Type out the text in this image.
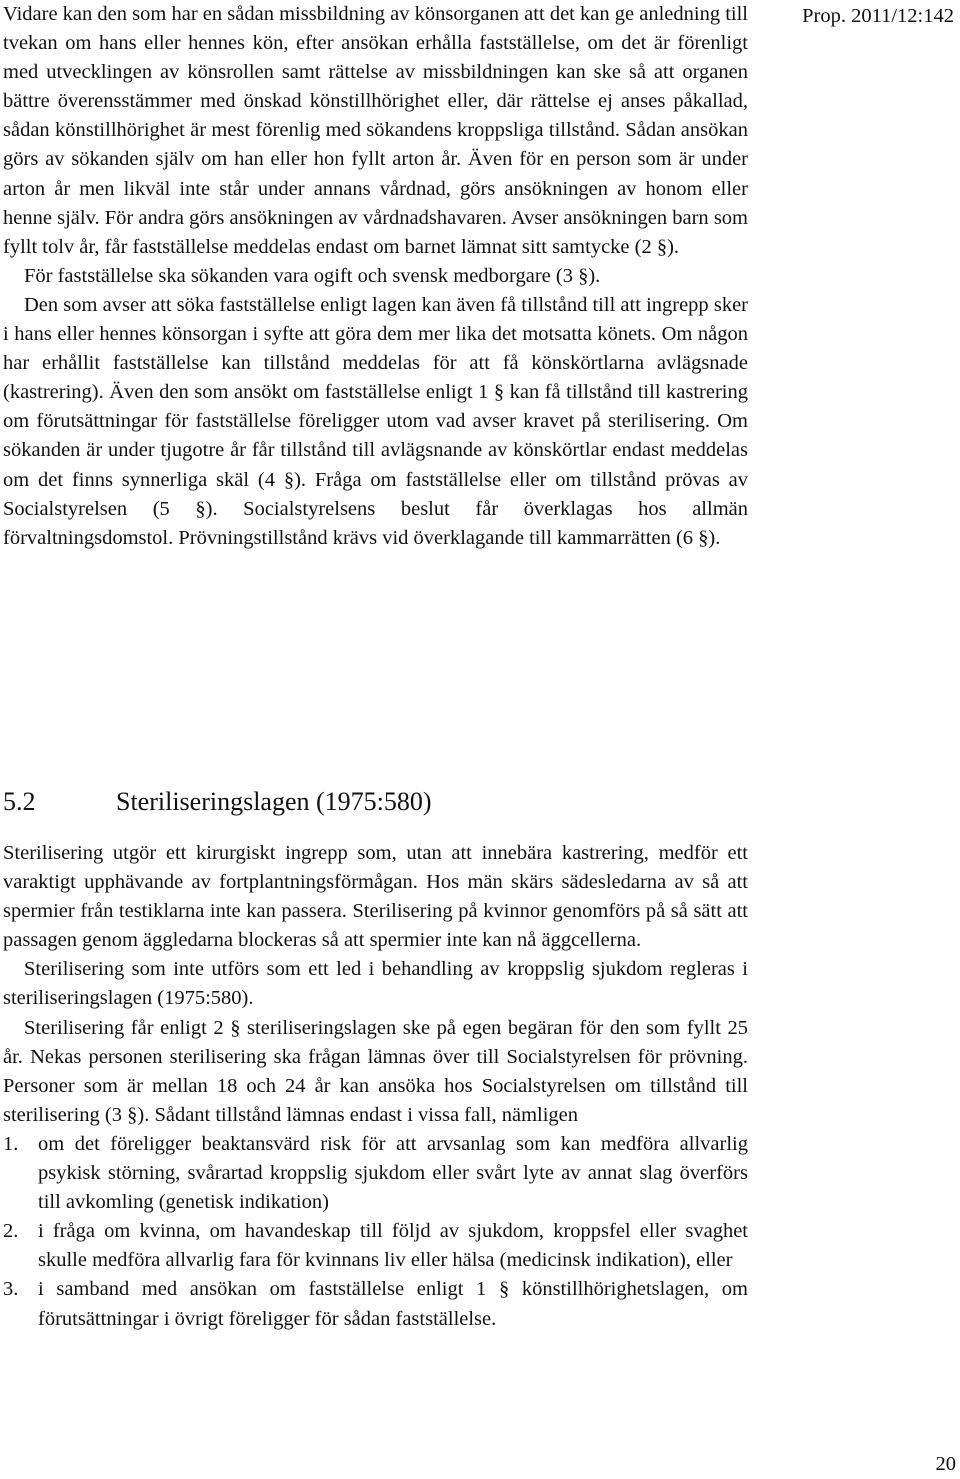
Prop. 2011/12:142

Vidare kan den som har en sådan missbildning av könsorganen att det kan ge anledning till tvekan om hans eller hennes kön, efter ansökan erhålla fastställelse, om det är förenligt med utvecklingen av könsrollen samt rättelse av missbildningen kan ske så att organen bättre överensstämmer med önskad könstillhörighet eller, där rättelse ej anses påkallad, sådan könstillhörighet är mest förenlig med sökandens kroppsliga tillstånd. Sådan ansökan görs av sökanden själv om han eller hon fyllt arton år. Även för en person som är under arton år men likväl inte står under annans vårdnad, görs ansökningen av honom eller henne själv. För andra görs ansökningen av vårdnadshavaren. Avser ansökningen barn som fyllt tolv år, får fastställelse meddelas endast om barnet lämnat sitt samtycke (2 §).

För fastställelse ska sökanden vara ogift och svensk medborgare (3 §).

Den som avser att söka fastställelse enligt lagen kan även få tillstånd till att ingrepp sker i hans eller hennes könsorgan i syfte att göra dem mer lika det motsatta könets. Om någon har erhållit fastställelse kan tillstånd meddelas för att få könskörtlarna avlägsnade (kastrering). Även den som ansökt om fastställelse enligt 1 § kan få tillstånd till kastrering om förutsättningar för fastställelse föreligger utom vad avser kravet på sterilisering. Om sökanden är under tjugotre år får tillstånd till avlägsnande av könskörtlar endast meddelas om det finns synnerliga skäl (4 §). Fråga om fastställelse eller om tillstånd prövas av Socialstyrelsen (5 §). Socialstyrelsens beslut får överklagas hos allmän förvaltningsdomstol. Prövningstillstånd krävs vid överklagande till kammarrätten (6 §).

5.2	Steriliseringslagen (1975:580)

Sterilisering utgör ett kirurgiskt ingrepp som, utan att innebära kastrering, medför ett varaktigt upphävande av fortplantningsförmågan. Hos män skärs sädesledarna av så att spermier från testiklarna inte kan passera. Sterilisering på kvinnor genomförs på så sätt att passagen genom äggledarna blockeras så att spermier inte kan nå äggcellerna.

Sterilisering som inte utförs som ett led i behandling av kroppslig sjukdom regleras i steriliseringslagen (1975:580).

Sterilisering får enligt 2 § steriliseringslagen ske på egen begäran för den som fyllt 25 år. Nekas personen sterilisering ska frågan lämnas över till Socialstyrelsen för prövning. Personer som är mellan 18 och 24 år kan ansöka hos Socialstyrelsen om tillstånd till sterilisering (3 §). Sådant tillstånd lämnas endast i vissa fall, nämligen

1. om det föreligger beaktansvärd risk för att arvsanlag som kan medföra allvarlig psykisk störning, svårartad kroppslig sjukdom eller svårt lyte av annat slag överförs till avkomling (genetisk indikation)
2. i fråga om kvinna, om havandeskap till följd av sjukdom, kroppsfel eller svaghet skulle medföra allvarlig fara för kvinnans liv eller hälsa (medicinsk indikation), eller
3. i samband med ansökan om fastställelse enligt 1 § könstillhörighetslagen, om förutsättningar i övrigt föreligger för sådan fastställelse.
20
